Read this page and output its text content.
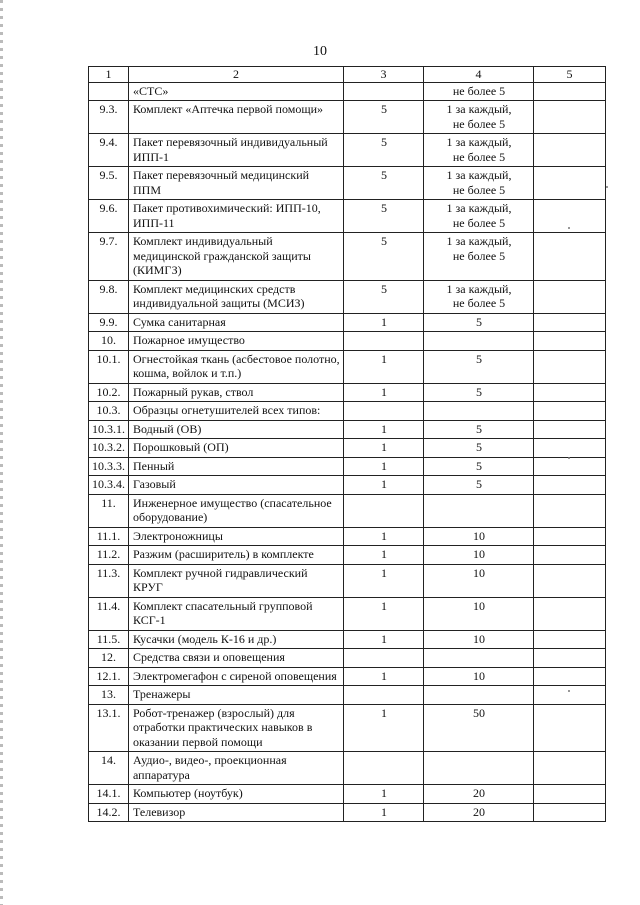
10
1	2	3	4	5
	«СТС»		не более 5	
9.3.	Комплект «Аптечка первой помощи»	5	1 за каждый,
не более 5	
9.4.	Пакет перевязочный индивидуальный ИПП-1	5	1 за каждый,
не более 5	
9.5.	Пакет перевязочный медицинский ППМ	5	1 за каждый,
не более 5	
9.6.	Пакет противохимический: ИПП-10, ИПП-11	5	1 за каждый,
не более 5	
9.7.	Комплект индивидуальный медицинской гражданской защиты (КИМГЗ)	5	1 за каждый,
не более 5	
9.8.	Комплект медицинских средств индивидуальной защиты (МСИЗ)	5	1 за каждый,
не более 5	
9.9.	Сумка санитарная	1	5	
10.	Пожарное имущество			
10.1.	Огнестойкая ткань (асбестовое полотно, кошма, войлок и т.п.)	1	5	
10.2.	Пожарный рукав, ствол	1	5	
10.3.	Образцы огнетушителей всех типов:			
10.3.1.	Водный (ОВ)	1	5	
10.3.2.	Порошковый (ОП)	1	5	
10.3.3.	Пенный	1	5	
10.3.4.	Газовый	1	5	
11.	Инженерное имущество (спасательное оборудование)			
11.1.	Электроножницы	1	10	
11.2.	Разжим (расширитель) в комплекте	1	10	
11.3.	Комплект ручной гидравлический КРУГ	1	10	
11.4.	Комплект спасательный групповой КСГ-1	1	10	
11.5.	Кусачки (модель К-16 и др.)	1	10	
12.	Средства связи и оповещения			
12.1.	Электромегафон с сиреной оповещения	1	10	
13.	Тренажеры			
13.1.	Робот-тренажер (взрослый) для отработки практических навыков в оказании первой помощи	1	50	
14.	Аудио-, видео-, проекционная аппаратура			
14.1.	Компьютер (ноутбук)	1	20	
14.2.	Телевизор	1	20	
